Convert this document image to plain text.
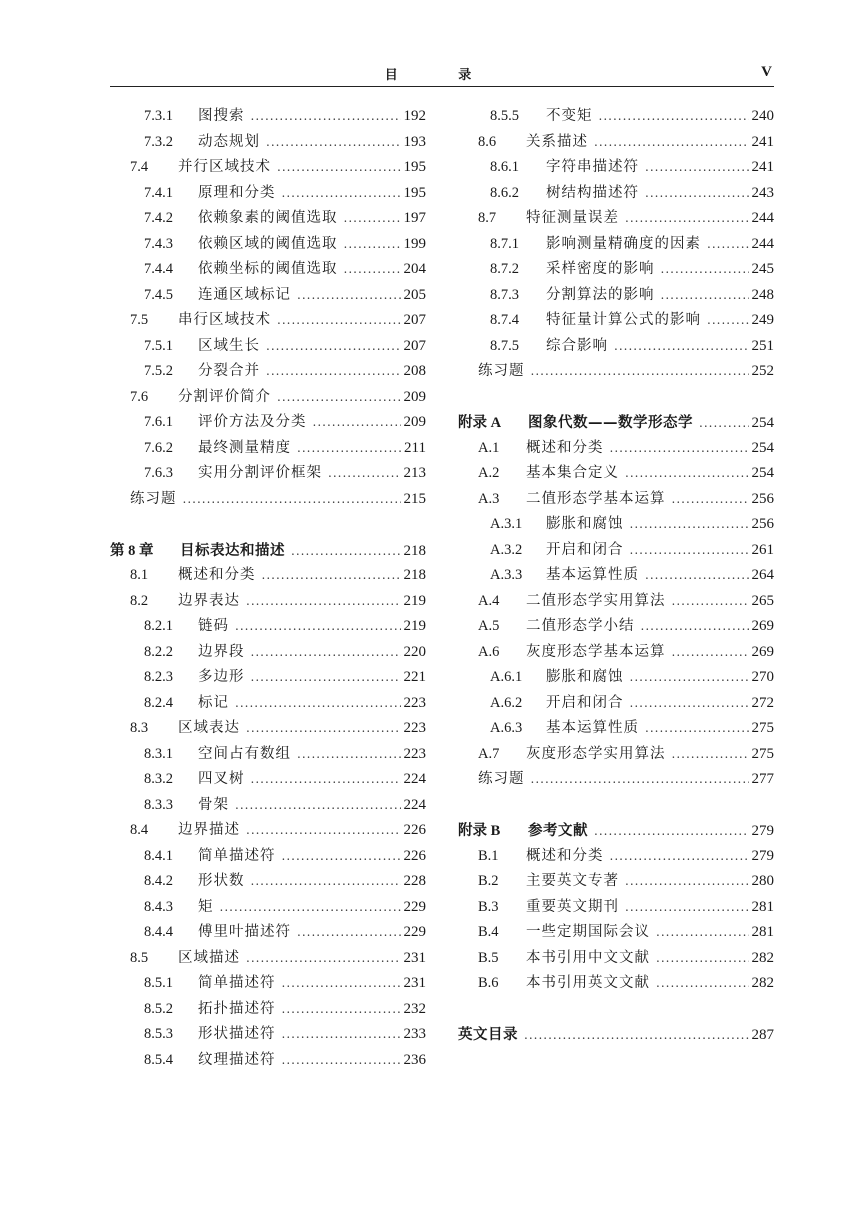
目 录	V
7.3.1	图搜索 .....	192
7.3.2	动态规划 .....	193
7.4	并行区域技术 .....	195
7.4.1	原理和分类 .....	195
7.4.2	依赖象素的阈值选取 .....	197
7.4.3	依赖区域的阈值选取 .....	199
7.4.4	依赖坐标的阈值选取 .....	204
7.4.5	连通区域标记 .....	205
7.5	串行区域技术 .....	207
7.5.1	区域生长 .....	207
7.5.2	分裂合并 .....	208
7.6	分割评价简介 .....	209
7.6.1	评价方法及分类 .....	209
7.6.2	最终测量精度 .....	211
7.6.3	实用分割评价框架 .....	213
练习题 .....	215
第 8 章	目标表达和描述 .....	218
8.1	概述和分类 .....	218
8.2	边界表达 .....	219
8.2.1	链码 .....	219
8.2.2	边界段 .....	220
8.2.3	多边形 .....	221
8.2.4	标记 .....	223
8.3	区域表达 .....	223
8.3.1	空间占有数组 .....	223
8.3.2	四叉树 .....	224
8.3.3	骨架 .....	224
8.4	边界描述 .....	226
8.4.1	简单描述符 .....	226
8.4.2	形状数 .....	228
8.4.3	矩 .....	229
8.4.4	傅里叶描述符 .....	229
8.5	区域描述 .....	231
8.5.1	简单描述符 .....	231
8.5.2	拓扑描述符 .....	232
8.5.3	形状描述符 .....	233
8.5.4	纹理描述符 .....	236
8.5.5	不变矩 .....	240
8.6	关系描述 .....	241
8.6.1	字符串描述符 .....	241
8.6.2	树结构描述符 .....	243
8.7	特征测量误差 .....	244
8.7.1	影响测量精确度的因素 .....	244
8.7.2	采样密度的影响 .....	245
8.7.3	分割算法的影响 .....	248
8.7.4	特征量计算公式的影响 .....	249
8.7.5	综合影响 .....	251
练习题 .....	252
附录 A	图象代数——数学形态学 .....	254
A.1	概述和分类 .....	254
A.2	基本集合定义 .....	254
A.3	二值形态学基本运算 .....	256
A.3.1	膨胀和腐蚀 .....	256
A.3.2	开启和闭合 .....	261
A.3.3	基本运算性质 .....	264
A.4	二值形态学实用算法 .....	265
A.5	二值形态学小结 .....	269
A.6	灰度形态学基本运算 .....	269
A.6.1	膨胀和腐蚀 .....	270
A.6.2	开启和闭合 .....	272
A.6.3	基本运算性质 .....	275
A.7	灰度形态学实用算法 .....	275
练习题 .....	277
附录 B	参考文献 .....	279
B.1	概述和分类 .....	279
B.2	主要英文专著 .....	280
B.3	重要英文期刊 .....	281
B.4	一些定期国际会议 .....	281
B.5	本书引用中文文献 .....	282
B.6	本书引用英文文献 .....	282
英文目录 .....	287
